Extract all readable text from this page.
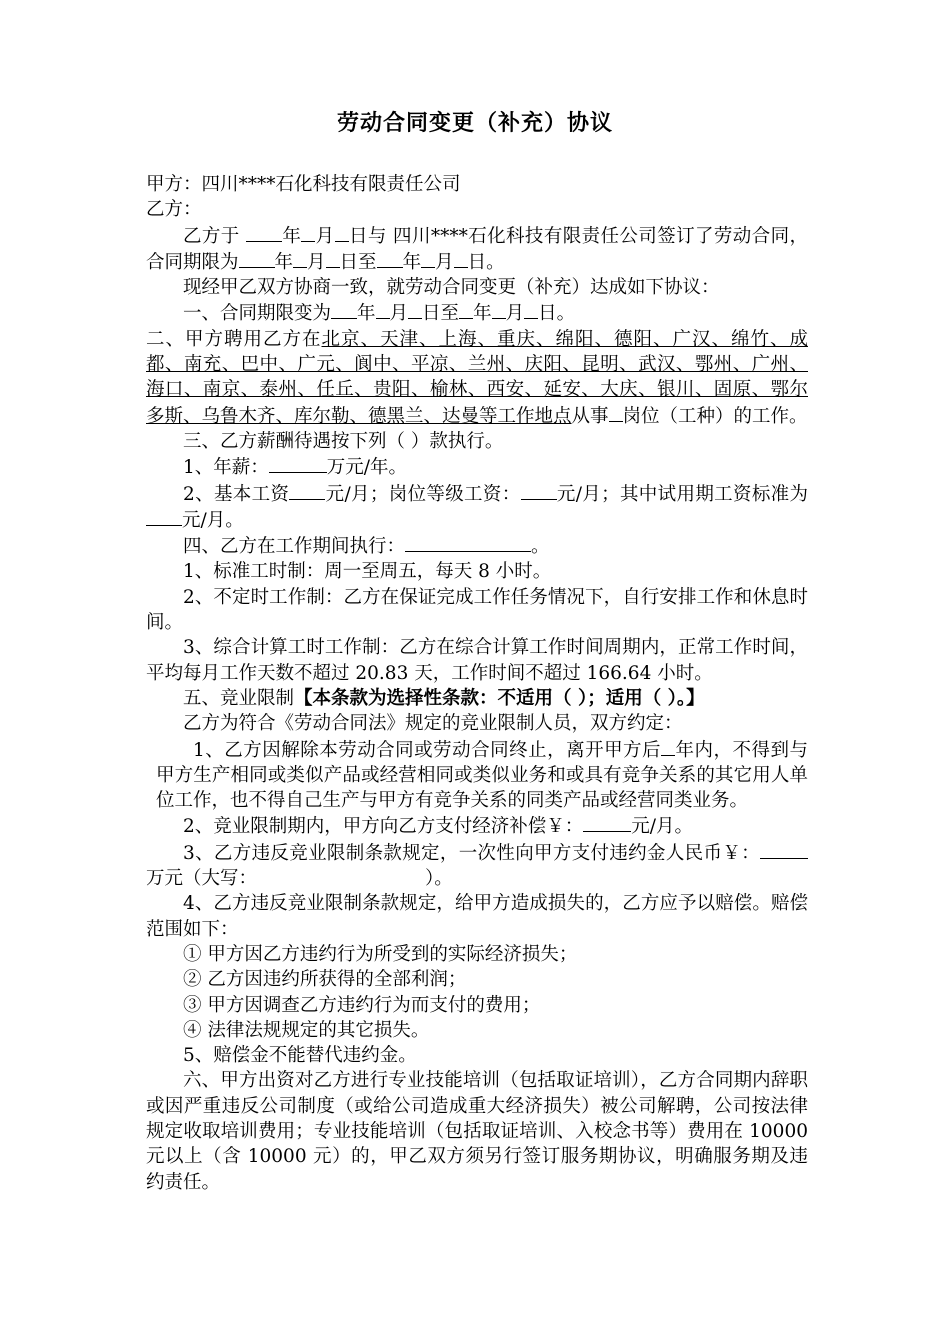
劳动合同变更（补充）协议

甲方：四川****石化科技有限责任公司

乙方：

乙方于 年 月 日与 四川****石化科技有限责任公司签订了劳动合同，合同期限为 年 月 日至 年 月 日。

现经甲乙双方协商一致，就劳动合同变更（补充）达成如下协议：

一、合同期限变为 年 月 日至 年 月 日。

二、甲方聘用乙方在北京、天津、上海、重庆、绵阳、德阳、广汉、绵竹、成都、南充、巴中、广元、阆中、平凉、兰州、庆阳、昆明、武汉、鄂州、广州、海口、南京、泰州、任丘、贵阳、榆林、西安、延安、大庆、银川、固原、鄂尔多斯、乌鲁木齐、库尔勒、德黑兰、达曼等工作地点从事 岗位（工种）的工作。

三、乙方薪酬待遇按下列（ ）款执行。

1、年薪：	万元/年。

2、基本工资 元/月；岗位等级工资： 元/月；其中试用期工资标准为元/月。

四、乙方在工作期间执行：	。

1、标准工时制：周一至周五，每天 8 小时。

2、不定时工作制：乙方在保证完成工作任务情况下，自行安排工作和休息时间。

3、综合计算工时工作制：乙方在综合计算工作时间周期内，正常工作时间，平均每月工作天数不超过 20.83 天，工作时间不超过 166.64 小时。

五、竞业限制【本条款为选择性条款：不适用（ ）；适用（ ）。】

乙方为符合《劳动合同法》规定的竞业限制人员，双方约定：

1、乙方因解除本劳动合同或劳动合同终止，离开甲方后 年内，不得到与甲方生产相同或类似产品或经营相同或类似业务和或具有竞争关系的其它用人单位工作，也不得自己生产与甲方有竞争关系的同类产品或经营同类业务。

2、竞业限制期内，甲方向乙方支付经济补偿￥：	元/月。

3、乙方违反竞业限制条款规定，一次性向甲方支付违约金人民币￥：万元（大写：	）。

4、乙方违反竞业限制条款规定，给甲方造成损失的，乙方应予以赔偿。赔偿范围如下：

① 甲方因乙方违约行为所受到的实际经济损失；

② 乙方因违约所获得的全部利润；

③ 甲方因调查乙方违约行为而支付的费用；

④ 法律法规规定的其它损失。

5、赔偿金不能替代违约金。

六、甲方出资对乙方进行专业技能培训（包括取证培训），乙方合同期内辞职或因严重违反公司制度（或给公司造成重大经济损失）被公司解聘，公司按法律规定收取培训费用；专业技能培训（包括取证培训、入校念书等）费用在 10000 元以上（含 10000 元）的，甲乙双方须另行签订服务期协议，明确服务期及违约责任。
